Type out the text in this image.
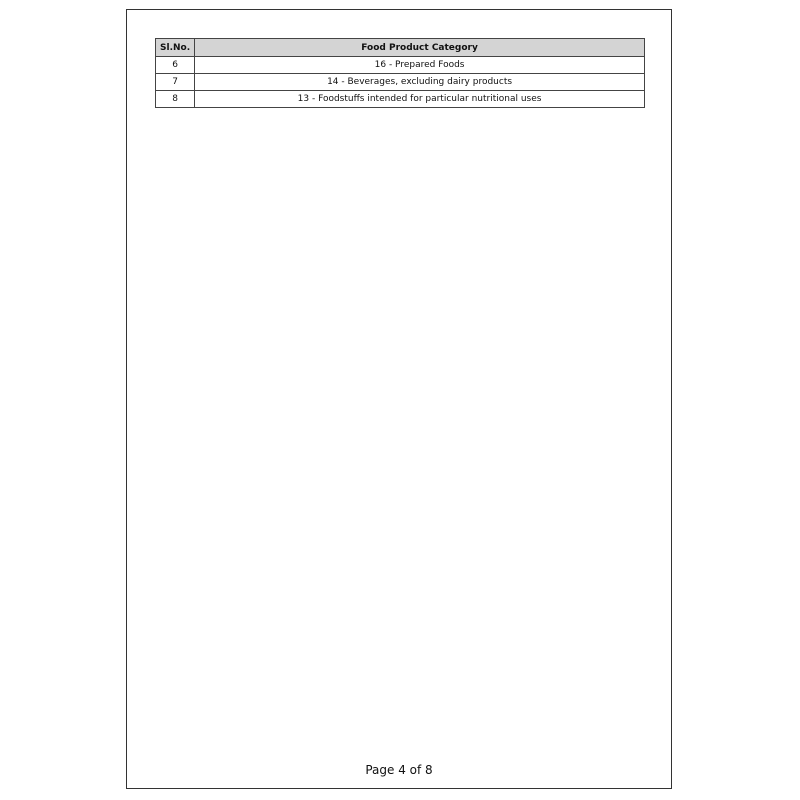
Sl.No.	Food Product Category
6	16 - Prepared Foods
7	14 - Beverages, excluding dairy products
8	13 - Foodstuffs intended for particular nutritional uses
Page 4 of 8
